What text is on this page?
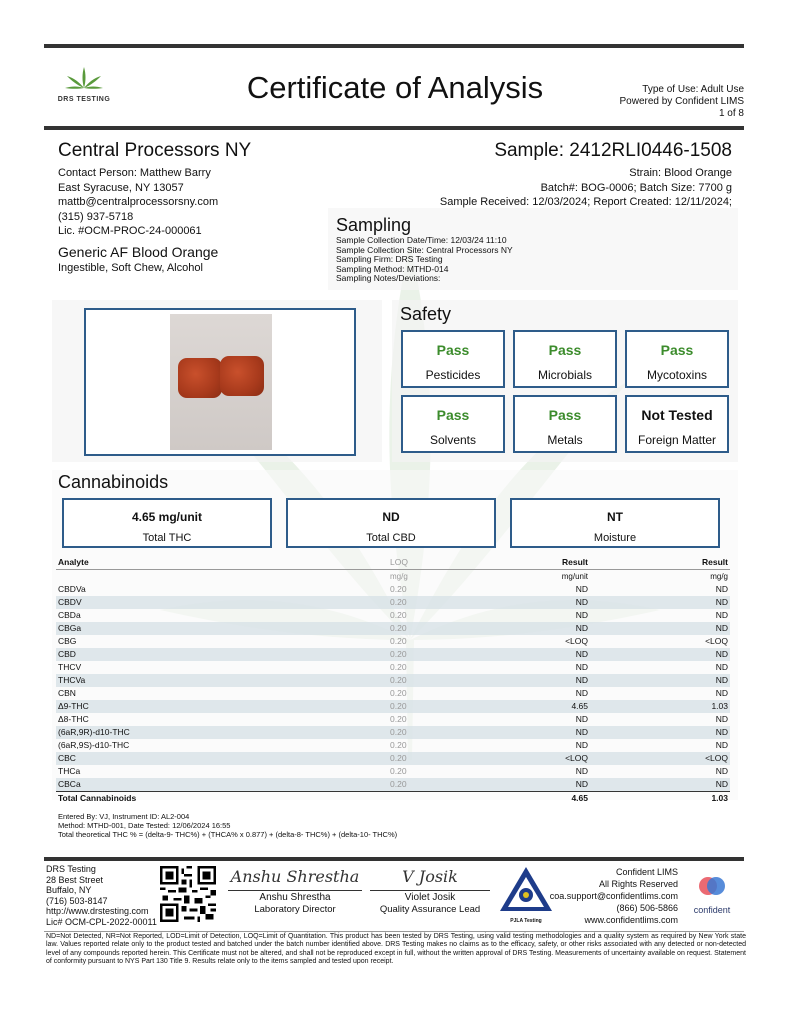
DRS TESTING	Certificate of Analysis	Type of Use: Adult Use
Powered by Confident LIMS
1 of 8
Central Processors NY
Contact Person: Matthew Barry
East Syracuse, NY 13057
mattb@centralprocessorsny.com
(315) 937-5718
Lic. #OCM-PROC-24-000061
Generic AF Blood Orange
Ingestible, Soft Chew, Alcohol
Sample: 2412RLI0446-1508
Strain: Blood Orange
Batch#: BOG-0006; Batch Size: 7700 g
Sample Received: 12/03/2024; Report Created: 12/11/2024;
Sampling
Sample Collection Date/Time: 12/03/24 11:10
Sample Collection Site: Central Processors NY
Sampling Firm: DRS Testing
Sampling Method: MTHD-014
Sampling Notes/Deviations:
Safety
Pass
Pesticides
Pass
Microbials
Pass
Mycotoxins
Pass
Solvents
Pass
Metals
Not Tested
Foreign Matter
Cannabinoids
4.65 mg/unit
Total THC
ND
Total CBD
NT
Moisture
Analyte	LOQ	Result	Result
	mg/g	mg/unit	mg/g
CBDVa	0.20	ND	ND
CBDV	0.20	ND	ND
CBDa	0.20	ND	ND
CBGa	0.20	ND	ND
CBG	0.20	<LOQ	<LOQ
CBD	0.20	ND	ND
THCV	0.20	ND	ND
THCVa	0.20	ND	ND
CBN	0.20	ND	ND
Δ9-THC	0.20	4.65	1.03
Δ8-THC	0.20	ND	ND
(6aR,9R)-d10-THC	0.20	ND	ND
(6aR,9S)-d10-THC	0.20	ND	ND
CBC	0.20	<LOQ	<LOQ
THCa	0.20	ND	ND
CBCa	0.20	ND	ND
Total Cannabinoids		4.65	1.03
Entered By: VJ, Instrument ID: AL2-004
Method: MTHD-001, Date Tested: 12/06/2024 16:55
Total theoretical THC % = (delta-9- THC%) + (THCA% x 0.877) + (delta-8- THC%) + (delta-10- THC%)
DRS Testing
28 Best Street
Buffalo, NY
(716) 503-8147
http://www.drstesting.com
Lic# OCM-CPL-2022-00011
Anshu Shrestha
Anshu Shrestha
Laboratory Director
V Josik
Violet Josik
Quality Assurance Lead
PJLA Testing
Confident LIMS
All Rights Reserved
coa.support@confidentlims.com
(866) 506-5866
www.confidentlims.com
confident
ND=Not Detected, NR=Not Reported, LOD=Limit of Detection, LOQ=Limit of Quantitation. This product has been tested by DRS Testing, using valid testing methodologies and a quality system as required by New York state law. Values reported relate only to the product tested and batched under the batch number identified above. DRS Testing makes no claims as to the efficacy, safety, or other risks associated with any detected or non-detected level of any compounds reported herein. This Certificate must not be altered, and shall not be reproduced except in full, without the written approval of DRS Testing. Measurements of uncertainty available on request. Statement of conformity pursuant to NYS Part 130 Title 9. Results relate only to the items sampled and tested upon receipt.
